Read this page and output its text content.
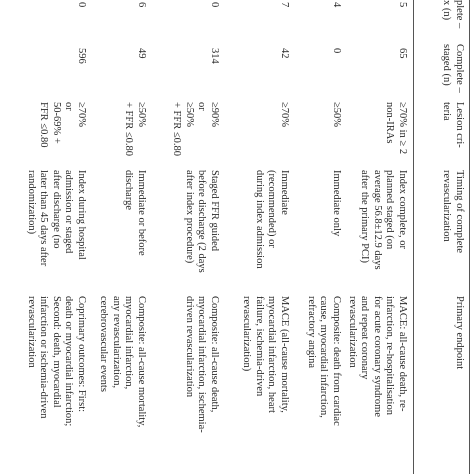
plete –
x (n)
Complete –
staged (n)
Lesion cri-
teria
Timing of complete
revascularization
Primary endpoint
5
65
≥70% in ≥ 2
non-IRAs
Index complete, or
planned staged (on
average 56.8±12.9 days
after the primary PCI)
MACE: all-cause death, re-
infarction, re-hospitalisation
for acute coronary syndrome
and repeat coronary
revascularization
4
0
≥50%
Immediate only
Composite: death from cardiac
cause, myocardial infarction,
refractory angina
7
42
≥70%
Immediate
(recommended) or
during index admission
MACE (all-cause mortality,
myocardial infarction, heart
failure, ischemia-driven
revascularization)
0
314
≥90%
or
≥50%
+ FFR ≤0.80
Staged FFR guided
before discharge (2 days
after index procedure)
Composite: all-cause death,
myocardial infarction, ischemia-
driven revascularization
6
49
≥50%
+ FFR ≤0.80
Immediate or before
discharge
Composite: all-cause mortality,
myocardial infarction,
any revascularization,
cerebrovascular events
0
596
≥70%
or
50-69% +
FFR ≤0.80
Index during hospital
admission or staged
after discharge (no
later than 45 days after
randomization)
Coprimary outcomes: First:
death or myocardial infarction;
Second: death, myocardial
infarction or ischemia-driven
revascularization
